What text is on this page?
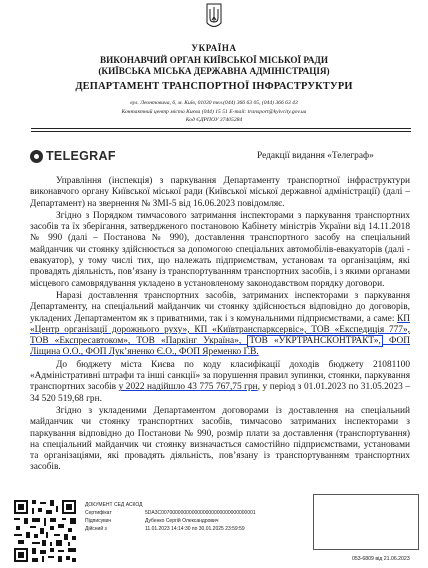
УКРАЇНА
ВИКОНАВЧИЙ ОРГАН КИЇВСЬКОЇ МІСЬКОЇ РАДИ
(КИЇВСЬКА МІСЬКА ДЕРЖАВНА АДМІНІСТРАЦІЯ)
ДЕПАРТАМЕНТ ТРАНСПОРТНОЇ ІНФРАСТРУКТУРИ
вул. Леонтовича, 6, м. Київ, 01030 тел.(044) 366 63 05, (044) 366 63 43
Контактний центр міста Києва (044) 15 51 E-mail: transport@kyivcity.gov.ua
Код ЄДРПОУ 37405284
TELEGRAF	Редакції видання «Телеграф»

Управління (інспекція) з паркування Департаменту транспортної інфраструктури виконавчого органу Київської міської ради (Київської міської державної адміністрації) (далі – Департамент) на звернення № ЗМІ-5 від 16.06.2023 повідомляє.

Згідно з Порядком тимчасового затримання інспекторами з паркування транспортних засобів та їх зберігання, затвердженого постановою Кабінету міністрів України від 14.11.2018 № 990 (далі – Постанова № 990), доставлення транспортного засобу на спеціальний майданчик чи стоянку здійснюється за допомогою спеціальних автомобілів-евакуаторів (далі - евакуатор), у тому числі тих, що належать підприємствам, установам та організаціям, які провадять діяльність, пов’язану із транспортуванням транспортних засобів, і з якими органами місцевого самоврядування укладено в установленому законодавством порядку договори.

Наразі доставлення транспортних засобів, затриманих інспекторами з паркування Департаменту, на спеціальний майданчик чи стоянку здійснюється відповідно до договорів, укладених Департаментом як з приватними, так і з комунальними підприємствами, а саме: КП «Центр організації дорожнього руху», КП «Київтранспарксервіс», ТОВ «Експедиція 777», ТОВ «Експресавтоком», ТОВ «Паркінг Україна», ТОВ «УКРТРАНСКОНТРАКТ», ФОП Ліщина О.О., ФОП Лук’яненко Є.О., ФОП Яременко Г.В.

До бюджету міста Києва по коду класифікації доходів бюджету 21081100 «Адміністративні штрафи та інші санкції» за порушення правил зупинки, стоянки, паркування транспортних засобів у 2022 надійшло 43 775 767,75 грн, у період з 01.01.2023 по 31.05.2023 – 34 520 519,68 грн.

Згідно з укладеними Департаментом договорами із доставлення на спеціальний майданчик чи стоянку транспортних засобів, тимчасово затриманих інспекторами з паркування відповідно до Постанови № 990, розмір плати за доставлення (транспортування) на спеціальний майданчик чи стоянку визначається самостійно підприємствами, установами та організаціями, які провадять діяльність, пов’язану із транспортуванням транспортних засобів.

ДОКУМЕНТ СЕД АСКОД
Сертифікат	5DA3C0070000000000000000000000000000001
Підписувач	Дубенко Сергій Олександрович
Дійсний з	11.01.2023 14:14:30 по 30.01.2025 23:59:59
053-6809 від 21.06.2023
